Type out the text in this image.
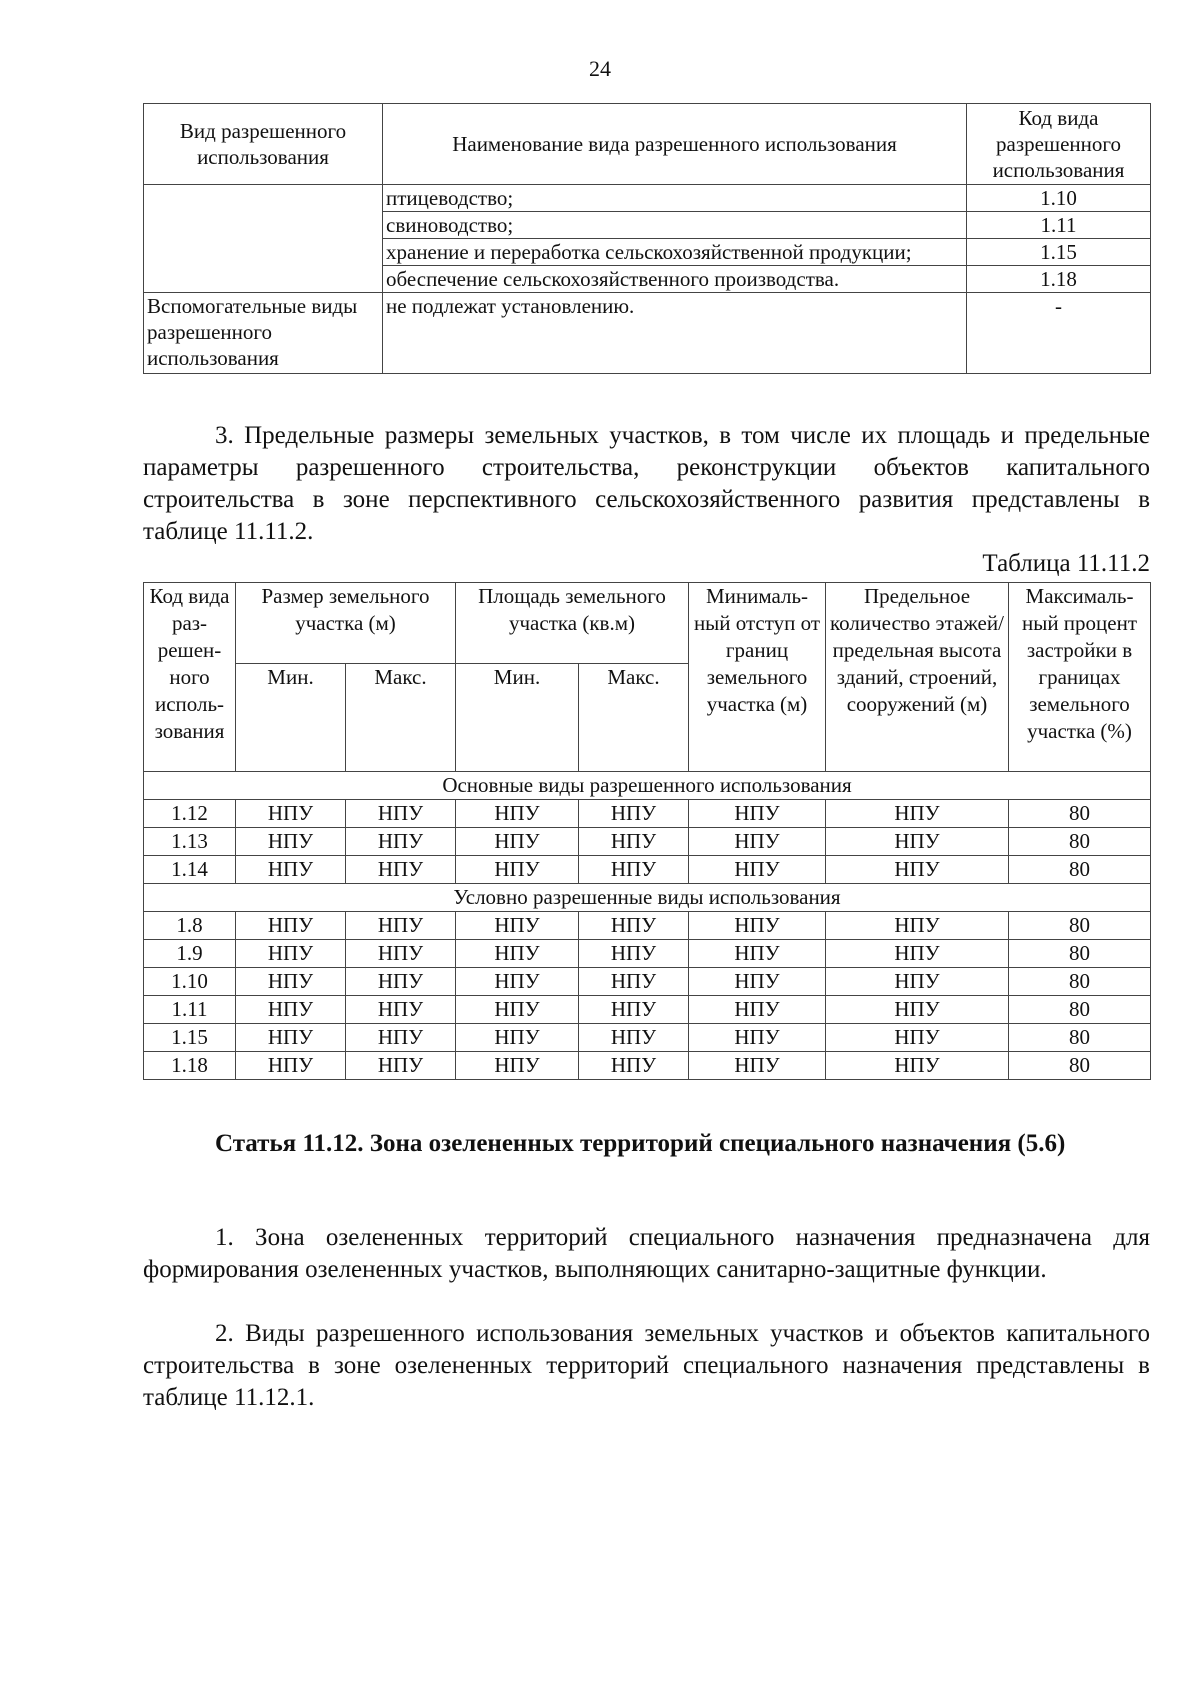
24
Вид разрешенного использования	Наименование вида разрешенного использования	Код вида разрешенного использования
	птицеводство;	1.10
	свиноводство;	1.11
	хранение и переработка сельскохозяйственной продукции;	1.15
	обеспечение сельскохозяйственного производства.	1.18
Вспомогательные виды разрешенного использования	не подлежат установлению.	-

3. Предельные размеры земельных участков, в том числе их площадь и предельные параметры разрешенного строительства, реконструкции объектов капитального строительства в зоне перспективного сельскохозяйственного развития представлены в таблице 11.11.2.

Таблица 11.11.2
Код вида раз-решен-ного исполь-зования	Размер земельного участка (м)		Площадь земельного участка (кв.м)		Минималь-ный отступ от границ земельного участка (м)	Предельное количество этажей/ предельная высота зданий, строений, сооружений (м)	Максималь-ный процент застройки в границах земельного участка (%)
	Мин.	Макс.	Мин.	Макс.			
Основные виды разрешенного использования							
1.12	НПУ	НПУ	НПУ	НПУ	НПУ	НПУ	80
1.13	НПУ	НПУ	НПУ	НПУ	НПУ	НПУ	80
1.14	НПУ	НПУ	НПУ	НПУ	НПУ	НПУ	80
Условно разрешенные виды использования							
1.8	НПУ	НПУ	НПУ	НПУ	НПУ	НПУ	80
1.9	НПУ	НПУ	НПУ	НПУ	НПУ	НПУ	80
1.10	НПУ	НПУ	НПУ	НПУ	НПУ	НПУ	80
1.11	НПУ	НПУ	НПУ	НПУ	НПУ	НПУ	80
1.15	НПУ	НПУ	НПУ	НПУ	НПУ	НПУ	80
1.18	НПУ	НПУ	НПУ	НПУ	НПУ	НПУ	80

Статья 11.12. Зона озелененных территорий специального назначения (5.6)

1. Зона озелененных территорий специального назначения предназначена для формирования озелененных участков, выполняющих санитарно-защитные функции.

2. Виды разрешенного использования земельных участков и объектов капитального строительства в зоне озелененных территорий специального назначения представлены в таблице 11.12.1.
